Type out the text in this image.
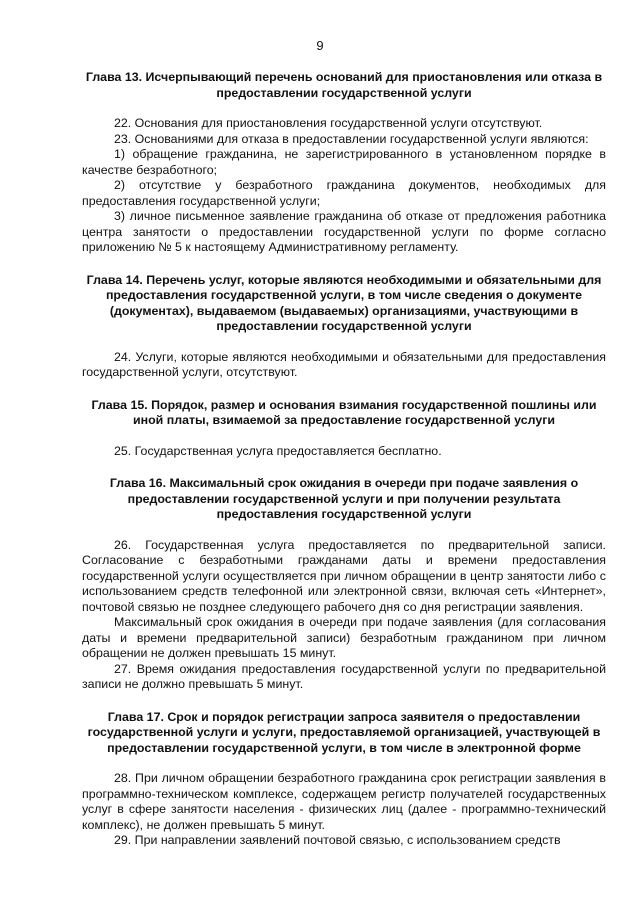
9
Глава 13. Исчерпывающий перечень оснований для приостановления или отказа в предоставлении государственной услуги

22. Основания для приостановления государственной услуги отсутствуют.

23. Основаниями для отказа в предоставлении государственной услуги являются:

1) обращение гражданина, не зарегистрированного в установленном порядке в качестве безработного;

2) отсутствие у безработного гражданина документов, необходимых для предоставления государственной услуги;

3) личное письменное заявление гражданина об отказе от предложения работника центра занятости о предоставлении государственной услуги по форме согласно приложению № 5 к настоящему Административному регламенту.

Глава 14. Перечень услуг, которые являются необходимыми и обязательными для предоставления государственной услуги, в том числе сведения о документе (документах), выдаваемом (выдаваемых) организациями, участвующими в предоставлении государственной услуги

24. Услуги, которые являются необходимыми и обязательными для предоставления государственной услуги, отсутствуют.

Глава 15. Порядок, размер и основания взимания государственной пошлины или иной платы, взимаемой за предоставление государственной услуги

25. Государственная услуга предоставляется бесплатно.

Глава 16. Максимальный срок ожидания в очереди при подаче заявления о предоставлении государственной услуги и при получении результата предоставления государственной услуги

26. Государственная услуга предоставляется по предварительной записи. Согласование с безработными гражданами даты и времени предоставления государственной услуги осуществляется при личном обращении в центр занятости либо с использованием средств телефонной или электронной связи, включая сеть «Интернет», почтовой связью не позднее следующего рабочего дня со дня регистрации заявления.

Максимальный срок ожидания в очереди при подаче заявления (для согласования даты и времени предварительной записи) безработным гражданином при личном обращении не должен превышать 15 минут.

27. Время ожидания предоставления государственной услуги по предварительной записи не должно превышать 5 минут.

Глава 17. Срок и порядок регистрации запроса заявителя о предоставлении государственной услуги и услуги, предоставляемой организацией, участвующей в предоставлении государственной услуги, в том числе в электронной форме

28. При личном обращении безработного гражданина срок регистрации заявления в программно-техническом комплексе, содержащем регистр получателей государственных услуг в сфере занятости населения - физических лиц (далее - программно-технический комплекс), не должен превышать 5 минут.

29. При направлении заявлений почтовой связью, с использованием средств
